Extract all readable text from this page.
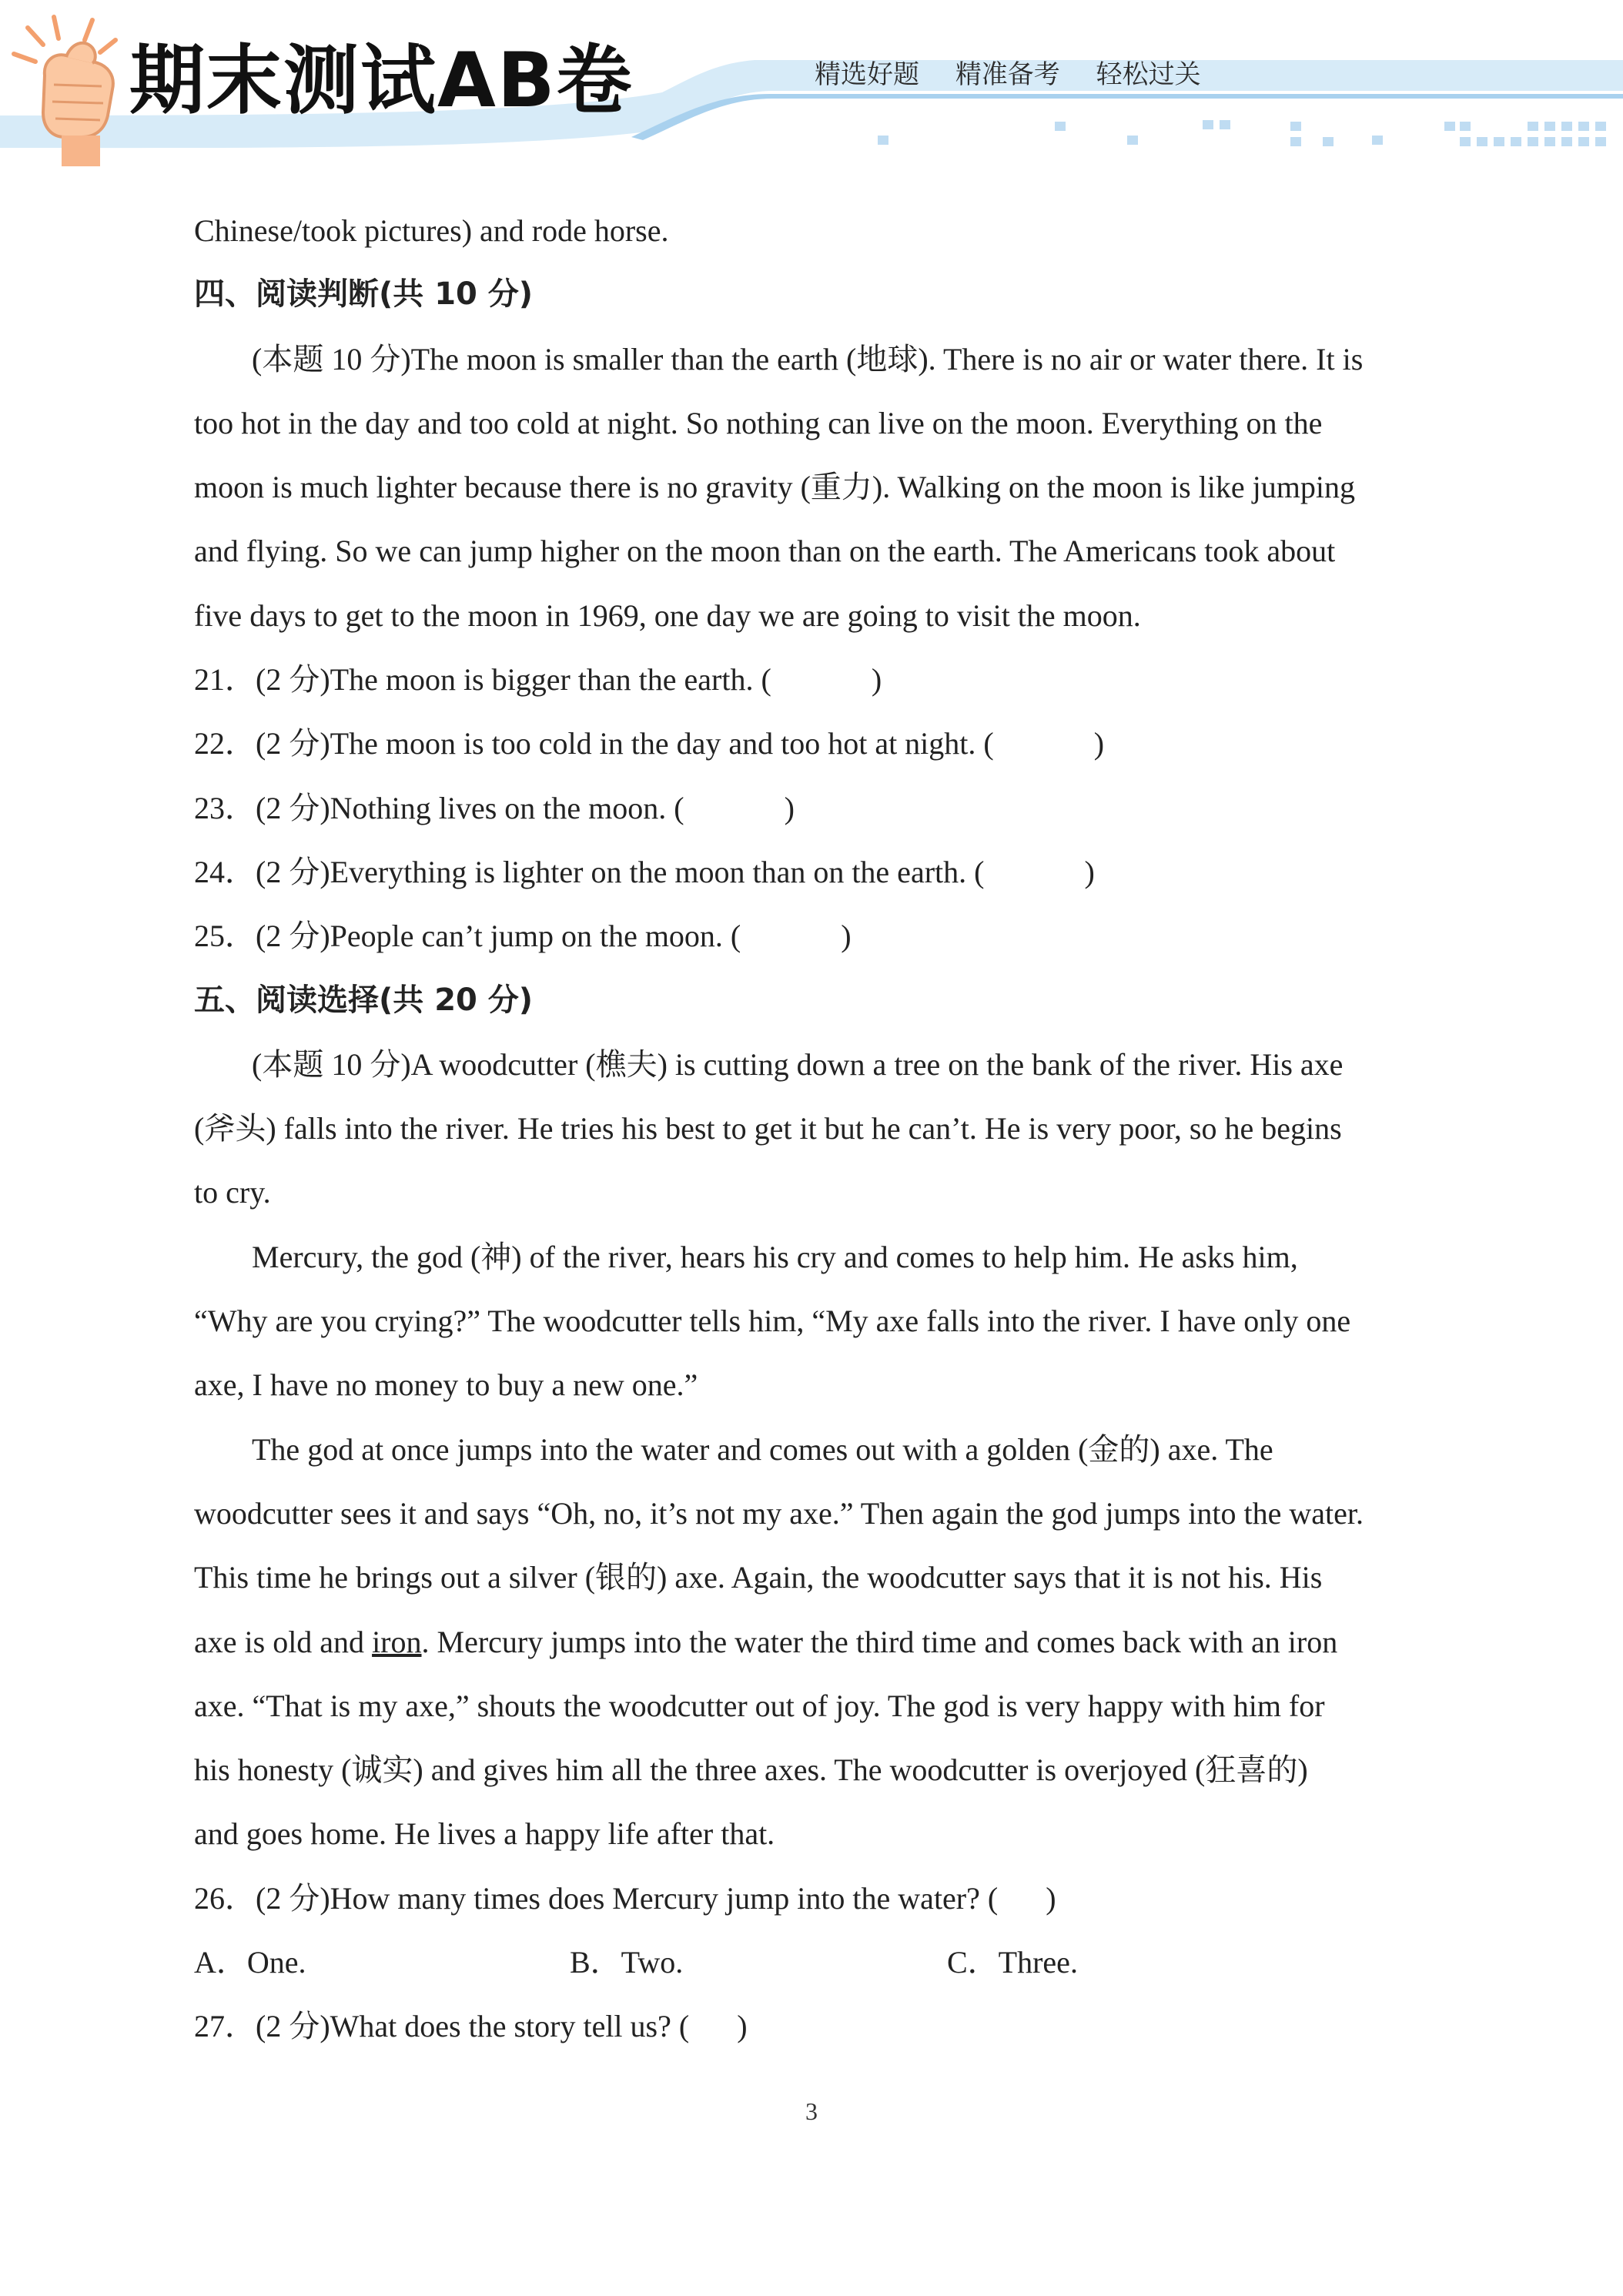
期末测试AB卷	精选好题 精准备考 轻松过关
Chinese/took pictures) and rode horse.
四、阅读判断(共 10 分)
(本题 10 分)The moon is smaller than the earth (地球). There is no air or water there. It is
too hot in the day and too cold at night. So nothing can live on the moon. Everything on the
moon is much lighter because there is no gravity (重力). Walking on the moon is like jumping
and flying. So we can jump higher on the moon than on the earth. The Americans took about
five days to get to the moon in 1969, one day we are going to visit the moon.
21．(2 分)The moon is bigger than the earth. (	)
22．(2 分)The moon is too cold in the day and too hot at night. (	)
23．(2 分)Nothing lives on the moon. (	)
24．(2 分)Everything is lighter on the moon than on the earth. (	)
25．(2 分)People can’t jump on the moon. (	)
五、阅读选择(共 20 分)
(本题 10 分)A woodcutter (樵夫) is cutting down a tree on the bank of the river. His axe
(斧头) falls into the river. He tries his best to get it but he can’t. He is very poor, so he begins
to cry.
Mercury, the god (神) of the river, hears his cry and comes to help him. He asks him,
“Why are you crying?” The woodcutter tells him, “My axe falls into the river. I have only one
axe, I have no money to buy a new one.”
The god at once jumps into the water and comes out with a golden (金的) axe. The
woodcutter sees it and says “Oh, no, it’s not my axe.” Then again the god jumps into the water.
This time he brings out a silver (银的) axe. Again, the woodcutter says that it is not his. His
axe is old and iron. Mercury jumps into the water the third time and comes back with an iron
axe. “That is my axe,” shouts the woodcutter out of joy. The god is very happy with him for
his honesty (诚实) and gives him all the three axes. The woodcutter is overjoyed (狂喜的)
and goes home. He lives a happy life after that.
26．(2 分)How many times does Mercury jump into the water? ( )
A．One.	B．Two.	C．Three.
27．(2 分)What does the story tell us? ( )
3
